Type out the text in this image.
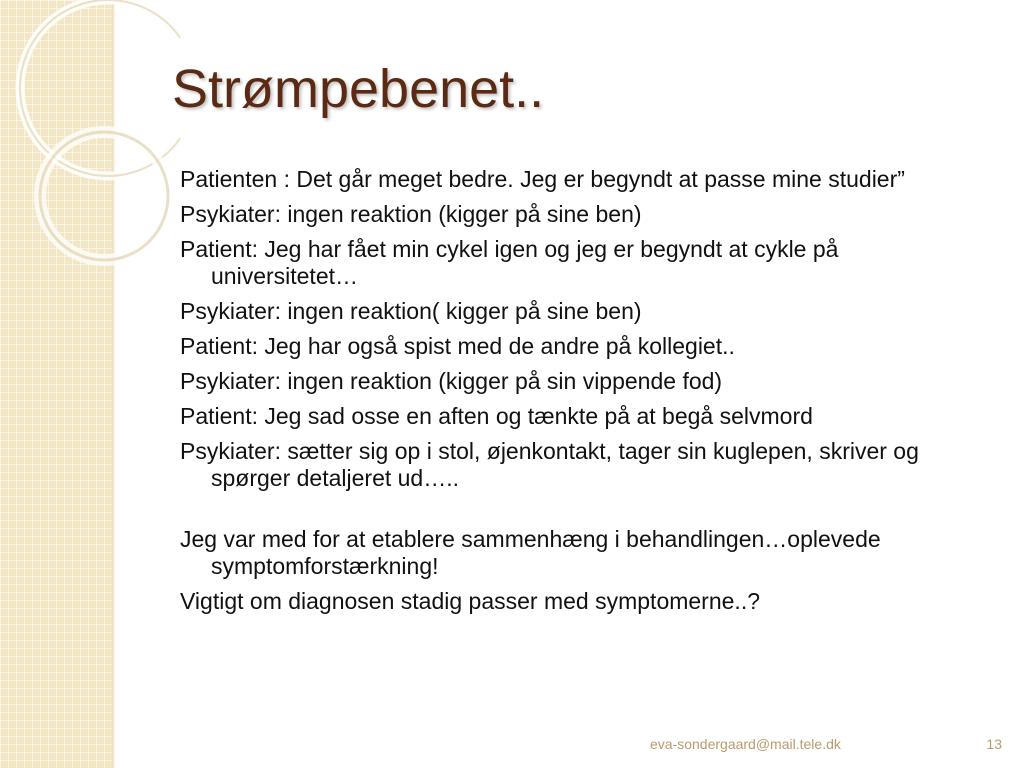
Strømpebenet..

Patienten : Det går meget bedre. Jeg er begyndt at passe mine studier”

Psykiater: ingen reaktion (kigger på sine ben)

Patient: Jeg har fået min cykel igen og jeg er begyndt at cykle på universitetet…

Psykiater: ingen reaktion( kigger på sine ben)

Patient: Jeg har også spist med de andre på kollegiet..

Psykiater: ingen reaktion (kigger på sin vippende fod)

Patient: Jeg sad osse en aften og tænkte på at begå selvmord

Psykiater: sætter sig op i stol, øjenkontakt, tager sin kuglepen, skriver og spørger detaljeret ud…..

Jeg var med for at etablere sammenhæng i behandlingen…oplevede symptomforstærkning!

Vigtigt om diagnosen stadig passer med symptomerne..?

eva-sondergaard@mail.tele.dk	13
